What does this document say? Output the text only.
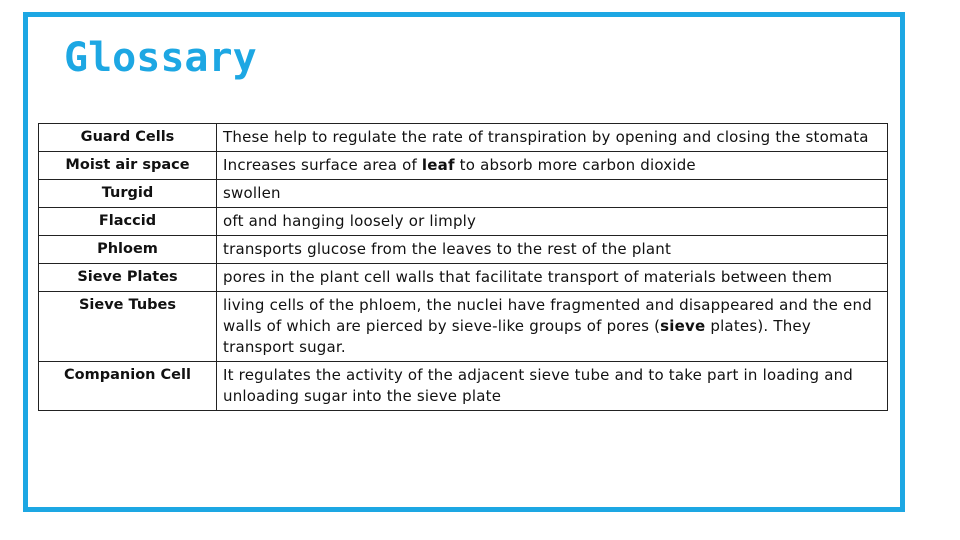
Glossary
Guard Cells	These help to regulate the rate of transpiration by opening and closing the stomata
Moist air space	Increases surface area of leaf to absorb more carbon dioxide
Turgid	swollen
Flaccid	oft and hanging loosely or limply
Phloem	transports glucose from the leaves to the rest of the plant
Sieve Plates	pores in the plant cell walls that facilitate transport of materials between them
Sieve Tubes	living cells of the phloem, the nuclei have fragmented and disappeared and the end walls of which are pierced by sieve-like groups of pores (sieve plates). They transport sugar.
Companion Cell	It regulates the activity of the adjacent sieve tube and to take part in loading and unloading sugar into the sieve plate
